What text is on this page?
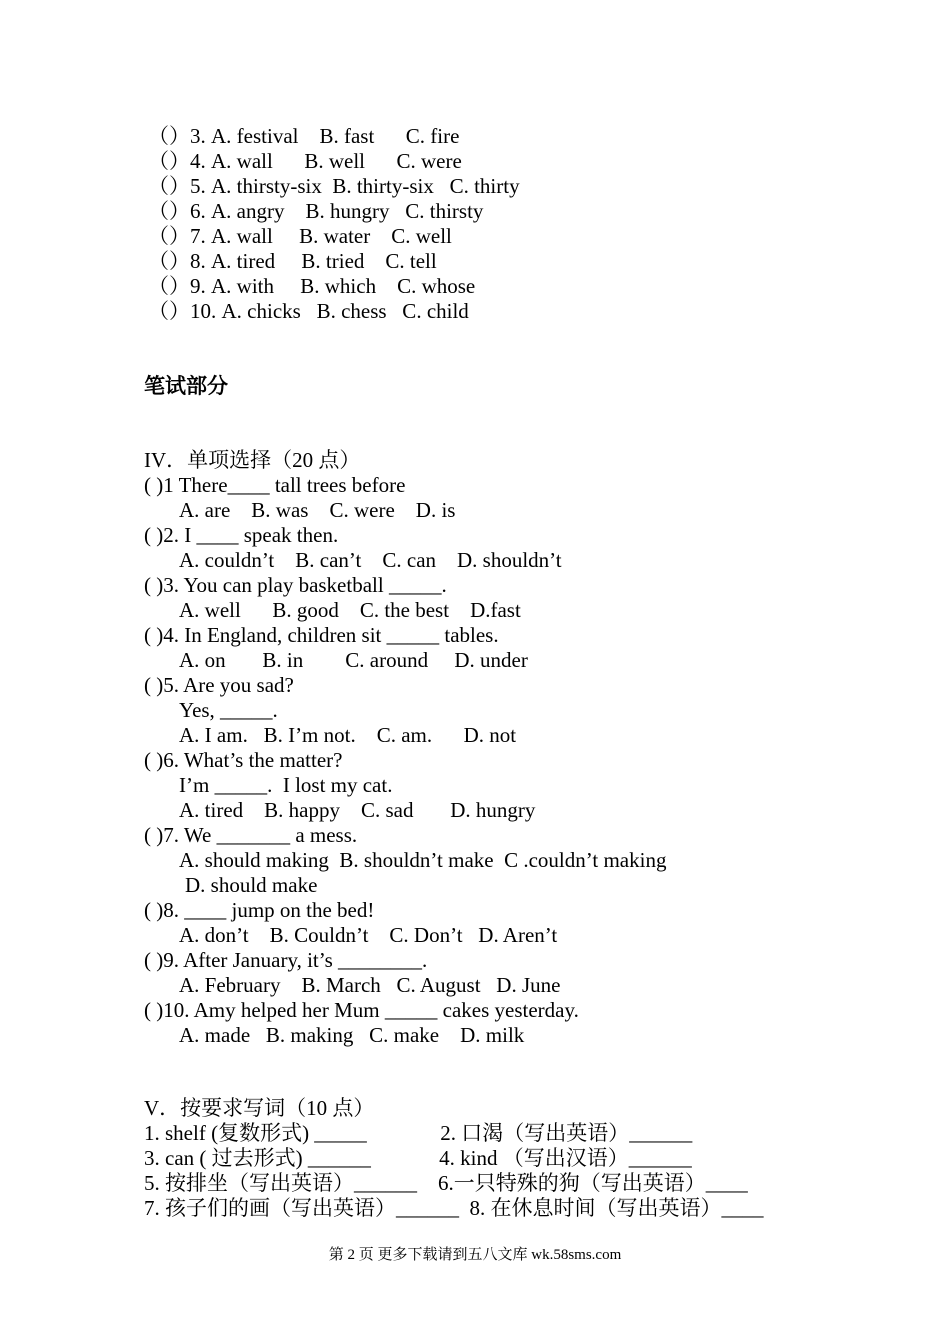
（）3. A. festival    B. fast      C. fire
（）4. A. wall      B. well      C. were
（）5. A. thirsty-six  B. thirty-six   C. thirty
（）6. A. angry    B. hungry   C. thirsty
（）7. A. wall     B. water    C. well
（）8. A. tired     B. tried    C. tell
（）9. A. with     B. which    C. whose
（）10. A. chicks   B. chess   C. child
笔试部分
IV．单项选择（20 点）
( )1 There____ tall trees before
A. are    B. was    C. were    D. is
( )2. I ____ speak then.
A. couldn’t    B. can’t    C. can    D. shouldn’t
( )3. You can play basketball _____.
A. well      B. good    C. the best    D.fast
( )4. In England, children sit _____ tables.
A. on       B. in        C. around     D. under
( )5. Are you sad?
Yes, _____.
A. I am.   B. I’m not.    C. am.      D. not
( )6. What’s the matter?
I’m _____.  I lost my cat.
A. tired    B. happy    C. sad       D. hungry
( )7. We _______ a mess.
A. should making  B. shouldn’t make  C .couldn’t making
D. should make
( )8. ____ jump on the bed!
A. don’t    B. Couldn’t    C. Don’t   D. Aren’t
( )9. After January, it’s ________.
A. February    B. March   C. August   D. June
( )10. Amy helped her Mum _____ cakes yesterday.
A. made   B. making   C. make    D. milk
V．按要求写词（10 点）
1. shelf (复数形式) _____              2. 口渴（写出英语）______
3. can ( 过去形式) ______             4. kind （写出汉语）______
5. 按排坐（写出英语）______    6.一只特殊的狗（写出英语）____
7. 孩子们的画（写出英语）______  8. 在休息时间（写出英语）____
第 2 页 更多下载请到五八文库 wk.58sms.com
